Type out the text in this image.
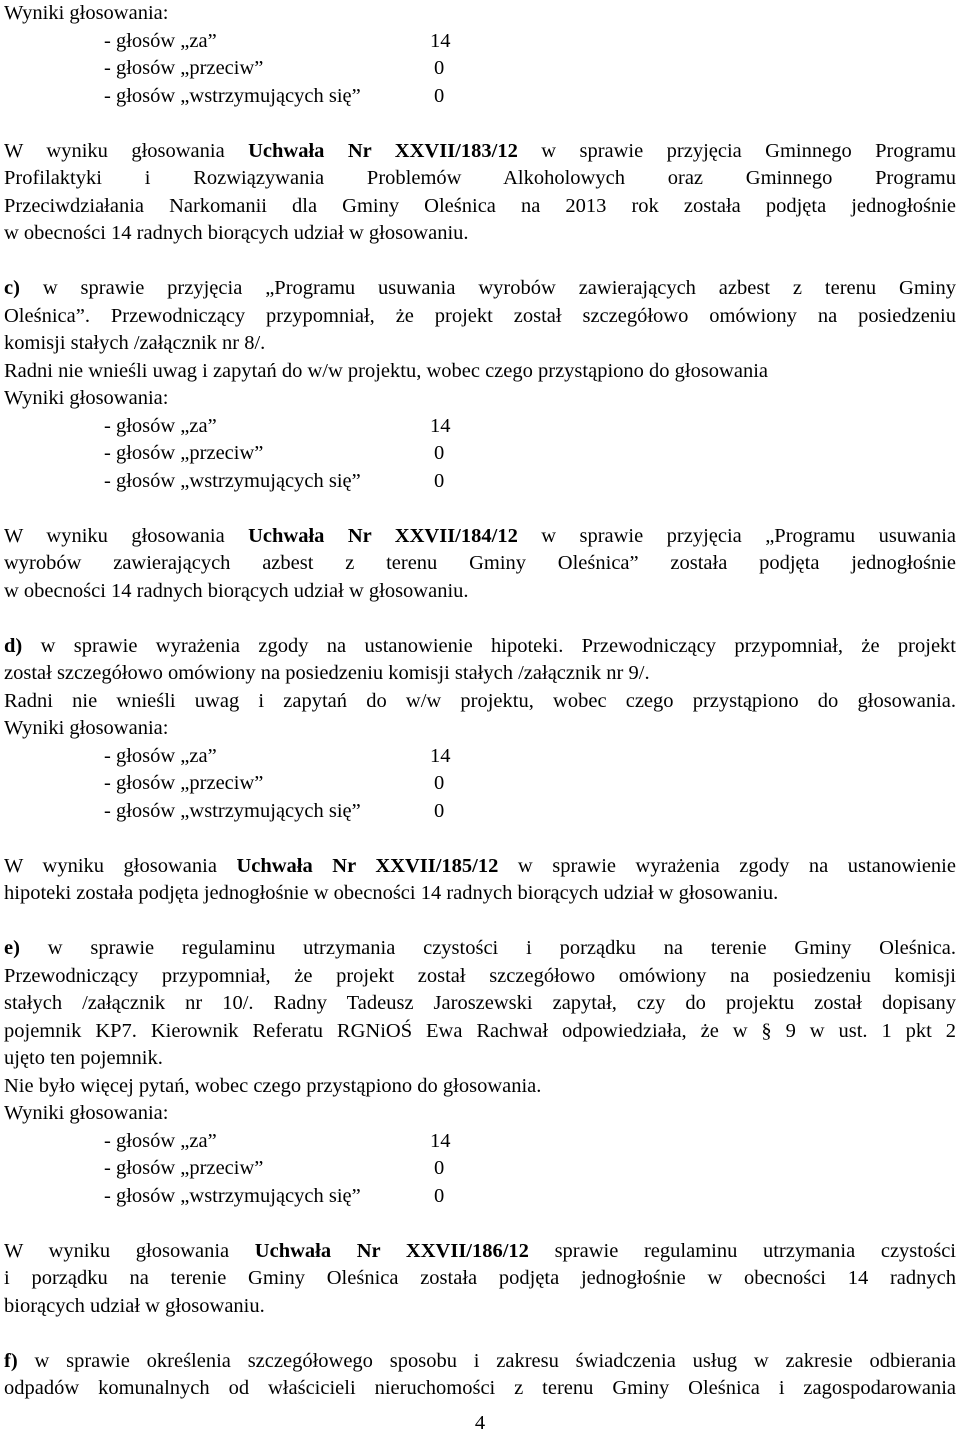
Wyniki głosowania:
- głosów „za”	14
- głosów „przeciw”	0
- głosów „wstrzymujących się”	0
W wyniku głosowania Uchwała Nr XXVII/183/12 w sprawie przyjęcia Gminnego Programu
Profilaktyki i Rozwiązywania Problemów Alkoholowych oraz Gminnego Programu
Przeciwdziałania Narkomanii dla Gminy Oleśnica na 2013 rok została podjęta jednogłośnie
w obecności 14 radnych biorących udział w głosowaniu.
c) w sprawie przyjęcia „Programu usuwania wyrobów zawierających azbest z terenu Gminy
Oleśnica”. Przewodniczący przypomniał, że projekt został szczegółowo omówiony na posiedzeniu
komisji stałych /załącznik nr 8/.
Radni nie wnieśli uwag i zapytań do w/w projektu, wobec czego przystąpiono do głosowania
Wyniki głosowania:
- głosów „za”	14
- głosów „przeciw”	0
- głosów „wstrzymujących się”	0
W wyniku głosowania Uchwała Nr XXVII/184/12 w sprawie przyjęcia „Programu usuwania
wyrobów zawierających azbest z terenu Gminy Oleśnica” została podjęta jednogłośnie
w obecności 14 radnych biorących udział w głosowaniu.
d) w sprawie wyrażenia zgody na ustanowienie hipoteki. Przewodniczący przypomniał, że projekt
został szczegółowo omówiony na posiedzeniu komisji stałych /załącznik nr 9/.
Radni nie wnieśli uwag i zapytań do w/w projektu, wobec czego przystąpiono do głosowania.
Wyniki głosowania:
- głosów „za”	14
- głosów „przeciw”	0
- głosów „wstrzymujących się”	0
W wyniku głosowania Uchwała Nr XXVII/185/12 w sprawie wyrażenia zgody na ustanowienie
hipoteki została podjęta jednogłośnie w obecności 14 radnych biorących udział w głosowaniu.
e) w sprawie regulaminu utrzymania czystości i porządku na terenie Gminy Oleśnica.
Przewodniczący przypomniał, że projekt został szczegółowo omówiony na posiedzeniu komisji
stałych /załącznik nr 10/. Radny Tadeusz Jaroszewski zapytał, czy do projektu został dopisany
pojemnik KP7. Kierownik Referatu RGNiOŚ Ewa Rachwał odpowiedziała, że w § 9 w ust. 1 pkt 2
ujęto ten pojemnik.
Nie było więcej pytań, wobec czego przystąpiono do głosowania.
Wyniki głosowania:
- głosów „za”	14
- głosów „przeciw”	0
- głosów „wstrzymujących się”	0
W wyniku głosowania Uchwała Nr XXVII/186/12 sprawie regulaminu utrzymania czystości
i porządku na terenie Gminy Oleśnica została podjęta jednogłośnie w obecności 14 radnych
biorących udział w głosowaniu.
f) w sprawie określenia szczegółowego sposobu i zakresu świadczenia usług w zakresie odbierania
odpadów komunalnych od właścicieli nieruchomości z terenu Gminy Oleśnica i zagospodarowania
4
